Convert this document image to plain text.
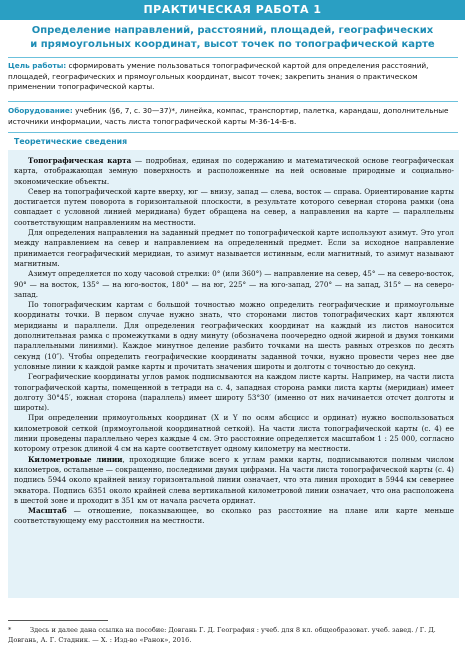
ПРАКТИЧЕСКАЯ РАБОТА 1
Определение направлений, расстояний, площадей, географических
и прямоугольных координат, высот точек по топографической карте
Цель работы: сформировать умение пользоваться топографической картой для определения расстояний, площадей, географических и прямоугольных координат, высот точек; закрепить знания о практическом применении топографической карты.
Оборудование: учебник (§6, 7, с. 30—37)*, линейка, компас, транспортир, палетка, карандаш, дополнительные источники информации, часть листа топографической карты М-36-14-Б-в.
Теоретические сведения

Топографическая карта — подробная, единая по содержанию и математической основе географическая карта, отображающая земную поверхность и расположенные на ней основные природные и социально-экономические объекты.

Север на топографической карте вверху, юг — внизу, запад — слева, восток — справа. Ориентирование карты достигается путем поворота в горизонтальной плоскости, в результате которого северная сторона рамки (она совпадает с условной линией меридиана) будет обращена на север, а направления на карте — параллельны соответствующим направлениям на местности.

Для определения направления на заданный предмет по топографической карте используют азимут. Это угол между направлением на север и направлением на определенный предмет. Если за исходное направление принимается географический меридиан, то азимут называется истинным, если магнитный, то азимут называют магнитным.

Азимут определяется по ходу часовой стрелки: 0° (или 360°) — направление на север, 45° — на северо-восток, 90° — на восток, 135° — на юго-восток, 180° — на юг, 225° — на юго-запад, 270° — на запад, 315° — на северо-запад.

По топографическим картам с большой точностью можно определить географические и прямоугольные координаты точки. В первом случае нужно знать, что сторонами листов топографических карт являются меридианы и параллели. Для определения географических координат на каждый из листов наносится дополнительная рамка с промежутками в одну минуту (обозначена поочередно одной жирной и двумя тонкими параллельными линиями). Каждое минутное деление разбито точками на шесть равных отрезков по десять секунд (10″). Чтобы определить географические координаты заданной точки, нужно провести через нее две условные линии к каждой рамке карты и прочитать значения широты и долготы с точностью до секунд.

Географические координаты углов рамок подписываются на каждом листе карты. Например, на части листа топографической карты, помещенной в тетради на с. 4, западная сторона рамки листа карты (меридиан) имеет долготу 30°45′, южная сторона (параллель) имеет широту 53°30′ (именно от них начинается отсчет долготы и широты).

При определении прямоугольных координат (X и Y по осям абсцисс и ординат) нужно воспользоваться километровой сеткой (прямоугольной координатной сеткой). На части листа топографической карты (с. 4) ее линии проведены параллельно через каждые 4 см. Это расстояние определяется масштабом 1 : 25 000, согласно которому отрезок длиной 4 см на карте соответствует одному километру на местности.

Километровые линии, проходящие ближе всего к углам рамки карты, подписываются полным числом километров, остальные — сокращенно, последними двумя цифрами. На части листа топографической карты (с. 4) подпись 5944 около крайней внизу горизонтальной линии означает, что эта линия проходит в 5944 км севернее экватора. Подпись 6351 около крайней слева вертикальной километровой линии означает, что она расположена в шестой зоне и проходит в 351 км от начала расчета ординат.

Масштаб — отношение, показывающее, во сколько раз расстояние на плане или карте меньше соответствующему ему расстояния на местности.

*	Здесь и далее дана ссылка на пособие: Довгань Г. Д. География : учеб. для 8 кл. общеобразоват. учеб. завед. / Г. Д. Довгань, А. Г. Стадник. — Х. : Изд-во «Ранок», 2016.
